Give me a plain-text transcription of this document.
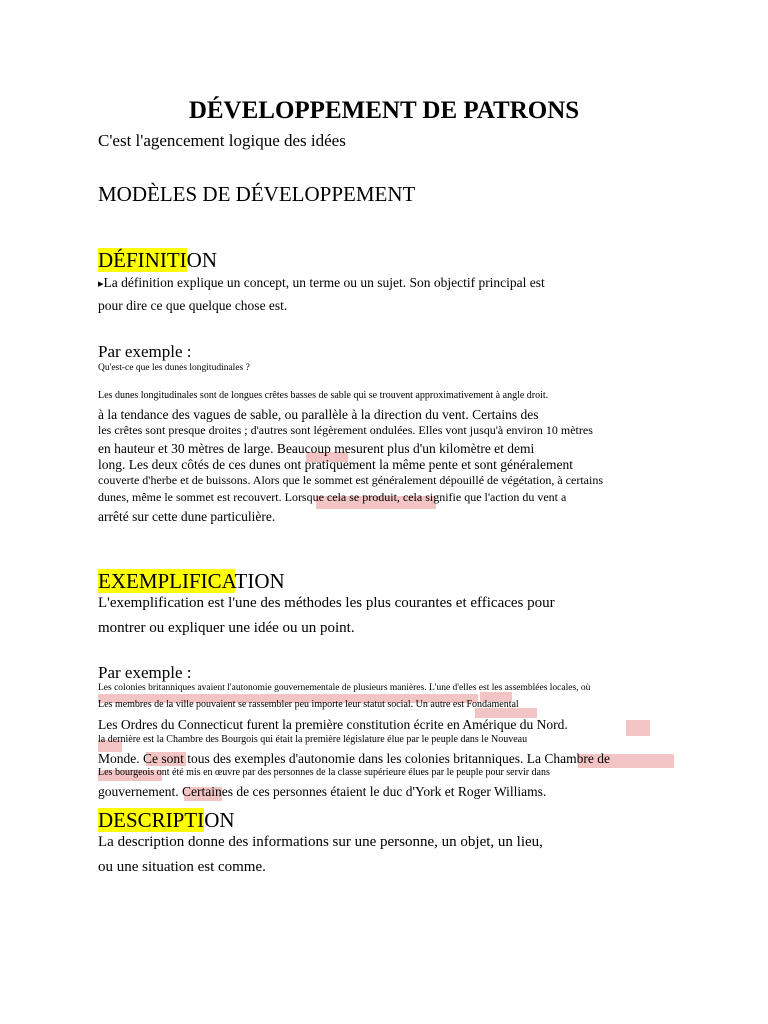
DÉVELOPPEMENT DE PATRONS
C'est l'agencement logique des idées
MODÈLES DE DÉVELOPPEMENT
DÉFINITION
▸La définition explique un concept, un terme ou un sujet. Son objectif principal est
pour dire ce que quelque chose est.
Par exemple :
Qu'est-ce que les dunes longitudinales ?
Les dunes longitudinales sont de longues crêtes basses de sable qui se trouvent approximativement à angle droit.
à la tendance des vagues de sable, ou parallèle à la direction du vent. Certains des
les crêtes sont presque droites ; d'autres sont légèrement ondulées. Elles vont jusqu'à environ 10 mètres
en hauteur et 30 mètres de large. Beaucoup mesurent plus d'un kilomètre et demi
long. Les deux côtés de ces dunes ont pratiquement la même pente et sont généralement
couverte d'herbe et de buissons. Alors que le sommet est généralement dépouillé de végétation, à certains
dunes, même le sommet est recouvert. Lorsque cela se produit, cela signifie que l'action du vent a
arrêté sur cette dune particulière.
EXEMPLIFICATION
L'exemplification est l'une des méthodes les plus courantes et efficaces pour
montrer ou expliquer une idée ou un point.
Par exemple :
Les colonies britanniques avaient l'autonomie gouvernementale de plusieurs manières. L'une d'elles est les assemblées locales, où
Les membres de la ville pouvaient se rassembler peu importe leur statut social. Un autre est Fondamental
Les Ordres du Connecticut furent la première constitution écrite en Amérique du Nord.
la dernière est la Chambre des Bourgois qui était la première législature élue par le peuple dans le Nouveau
Monde. Ce sont tous des exemples d'autonomie dans les colonies britanniques. La Chambre de
Les bourgeois ont été mis en œuvre par des personnes de la classe supérieure élues par le peuple pour servir dans
gouvernement. Certaines de ces personnes étaient le duc d'York et Roger Williams.
DESCRIPTION
La description donne des informations sur une personne, un objet, un lieu,
ou une situation est comme.
